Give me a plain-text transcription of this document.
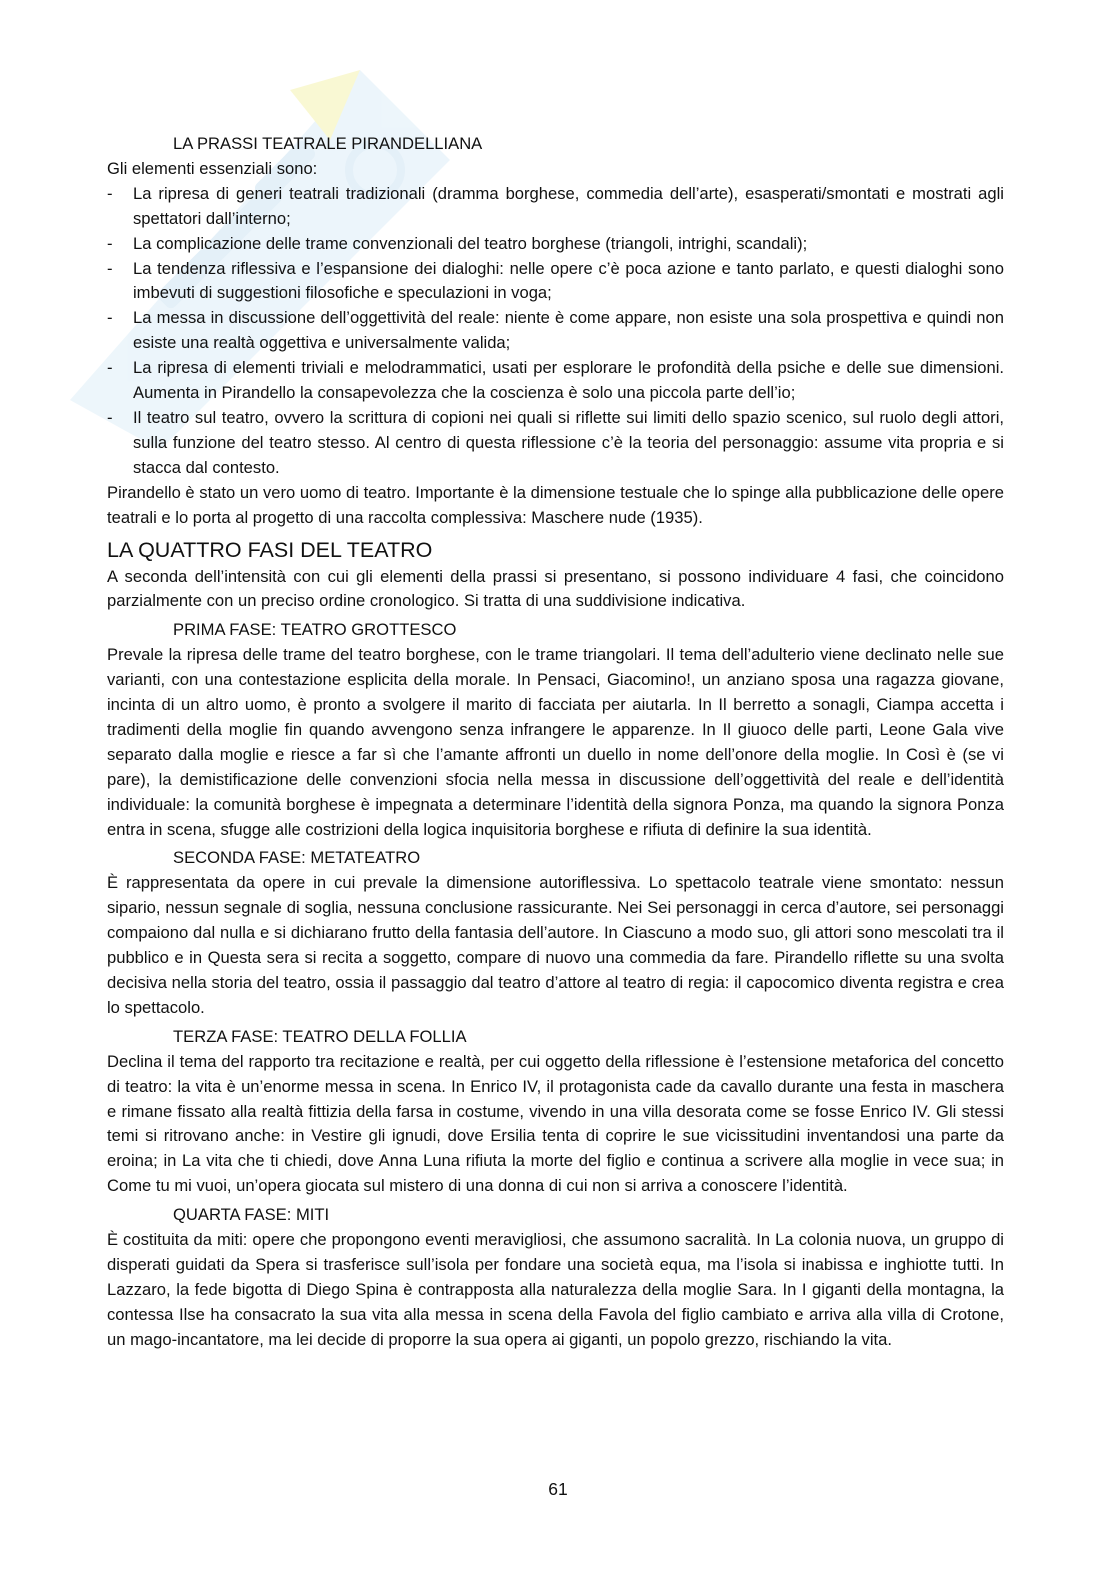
LA PRASSI TEATRALE PIRANDELLIANA

Gli elementi essenziali sono:

- La ripresa di generi teatrali tradizionali (dramma borghese, commedia dell’arte), esasperati/smontati e mostrati agli spettatori dall’interno;
- La complicazione delle trame convenzionali del teatro borghese (triangoli, intrighi, scandali);
- La tendenza riflessiva e l’espansione dei dialoghi: nelle opere c’è poca azione e tanto parlato, e questi dialoghi sono imbevuti di suggestioni filosofiche e speculazioni in voga;
- La messa in discussione dell’oggettività del reale: niente è come appare, non esiste una sola prospettiva e quindi non esiste una realtà oggettiva e universalmente valida;
- La ripresa di elementi triviali e melodrammatici, usati per esplorare le profondità della psiche e delle sue dimensioni. Aumenta in Pirandello la consapevolezza che la coscienza è solo una piccola parte dell’io;
- Il teatro sul teatro, ovvero la scrittura di copioni nei quali si riflette sui limiti dello spazio scenico, sul ruolo degli attori, sulla funzione del teatro stesso. Al centro di questa riflessione c’è la teoria del personaggio: assume vita propria e si stacca dal contesto.

Pirandello è stato un vero uomo di teatro. Importante è la dimensione testuale che lo spinge alla pubblicazione delle opere teatrali e lo porta al progetto di una raccolta complessiva: Maschere nude (1935).

LA QUATTRO FASI DEL TEATRO

A seconda dell’intensità con cui gli elementi della prassi si presentano, si possono individuare 4 fasi, che coincidono parzialmente con un preciso ordine cronologico. Si tratta di una suddivisione indicativa.

PRIMA FASE: TEATRO GROTTESCO

Prevale la ripresa delle trame del teatro borghese, con le trame triangolari. Il tema dell’adulterio viene declinato nelle sue varianti, con una contestazione esplicita della morale. In Pensaci, Giacomino!, un anziano sposa una ragazza giovane, incinta di un altro uomo, è pronto a svolgere il marito di facciata per aiutarla. In Il berretto a sonagli, Ciampa accetta i tradimenti della moglie fin quando avvengono senza infrangere le apparenze. In Il giuoco delle parti, Leone Gala vive separato dalla moglie e riesce a far sì che l’amante affronti un duello in nome dell’onore della moglie. In Così è (se vi pare), la demistificazione delle convenzioni sfocia nella messa in discussione dell’oggettività del reale e dell’identità individuale: la comunità borghese è impegnata a determinare l’identità della signora Ponza, ma quando la signora Ponza entra in scena, sfugge alle costrizioni della logica inquisitoria borghese e rifiuta di definire la sua identità.

SECONDA FASE: METATEATRO

È rappresentata da opere in cui prevale la dimensione autoriflessiva. Lo spettacolo teatrale viene smontato: nessun sipario, nessun segnale di soglia, nessuna conclusione rassicurante. Nei Sei personaggi in cerca d’autore, sei personaggi compaiono dal nulla e si dichiarano frutto della fantasia dell’autore. In Ciascuno a modo suo, gli attori sono mescolati tra il pubblico e in Questa sera si recita a soggetto, compare di nuovo una commedia da fare. Pirandello riflette su una svolta decisiva nella storia del teatro, ossia il passaggio dal teatro d’attore al teatro di regia: il capocomico diventa registra e crea lo spettacolo.

TERZA FASE: TEATRO DELLA FOLLIA

Declina il tema del rapporto tra recitazione e realtà, per cui oggetto della riflessione è l’estensione metaforica del concetto di teatro: la vita è un’enorme messa in scena. In Enrico IV, il protagonista cade da cavallo durante una festa in maschera e rimane fissato alla realtà fittizia della farsa in costume, vivendo in una villa desorata come se fosse Enrico IV. Gli stessi temi si ritrovano anche: in Vestire gli ignudi, dove Ersilia tenta di coprire le sue vicissitudini inventandosi una parte da eroina; in La vita che ti chiedi, dove Anna Luna rifiuta la morte del figlio e continua a scrivere alla moglie in vece sua; in Come tu mi vuoi, un’opera giocata sul mistero di una donna di cui non si arriva a conoscere l’identità.

QUARTA FASE: MITI

È costituita da miti: opere che propongono eventi meravigliosi, che assumono sacralità. In La colonia nuova, un gruppo di disperati guidati da Spera si trasferisce sull’isola per fondare una società equa, ma l’isola si inabissa e inghiotte tutti. In Lazzaro, la fede bigotta di Diego Spina è contrapposta alla naturalezza della moglie Sara. In I giganti della montagna, la contessa Ilse ha consacrato la sua vita alla messa in scena della Favola del figlio cambiato e arriva alla villa di Crotone, un mago-incantatore, ma lei decide di proporre la sua opera ai giganti, un popolo grezzo, rischiando la vita.

61
